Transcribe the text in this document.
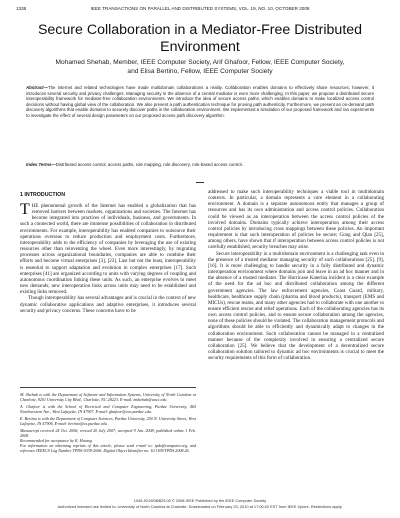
1338	IEEE TRANSACTIONS ON PARALLEL AND DISTRIBUTED SYSTEMS, VOL. 19, NO. 10, OCTOBER 2008
Secure Collaboration in a Mediator-Free Distributed Environment
Mohamed Shehab, Member, IEEE Computer Society, Arif Ghafoor, Fellow, IEEE Computer Society,
and Elisa Bertino, Fellow, IEEE Computer Society
Abstract—The internet and related technologies have made multidomain collaborations a reality. Collaboration enables domains to effectively share resources; however, it introduces several security and privacy challenges. Managing security in the absence of a central mediator is even more challenging. In this paper, we propose a distributed secure interoperability framework for mediator-free collaboration environments. We introduce the idea of secure access paths, which enables domains to make localized access control decisions without having global view of the collaboration. We also present a path authentication technique for proving path authenticity. Furthermore, we present an on-demand path discovery algorithms that enable domains to securely discover paths in the collaboration environment. We implemented a simulation of our proposed framework and ran experiments to investigate the effect of several design parameters on our proposed access path discovery algorithm.
Index Terms—Distributed access control, access paths, role mapping, role discovery, role-based access control.
1 INTRODUCTION

THE phenomenal growth of the Internet has enabled a globalization that has removed barriers between markets, organizations and societies. The Internet has become integrated into practices of individuals, business, and governments. In such a connected world, there are immense possibilities of collaboration in distributed environments. For example, interoperability has enabled companies to outsource their operations overseas to reduce production and employment costs. Furthermore, interoperability adds to the efficiency of companies by leveraging the use of existing resources other than reinventing the wheel. Even more interestingly, by migrating processes across organizational boundaries, companies are able to combine their efforts and become virtual enterprises [3], [23]. Last but not the least, interoperability is essential to support adaptation and evolution in complex enterprises [17]. Such enterprises [41] are organized according to units with varying degrees of coupling and autonomous coordination linking these units. As such, an enterprise evolves to meet new demands; new interoperation links across units may need to be established and existing links removed.

Though interoperability has several advantages and is crucial in the context of new dynamic collaborative applications and adaptive enterprises, it introduces several security and privacy concerns. These concerns have to be

M. Shehab is with the Department of Software and Information Systems, University of North Carolina at Charlotte, 9201 University City Blvd., Charlotte, NC 28223. E-mail: mshehab@uncc.edu.

A. Ghafoor is with the School of Electrical and Computer Engineering, Purdue University, 465 Northwestern Ave., West Lafayette, IN 47907. E-mail: ghafoor@ecn.purdue.edu.

E. Bertino is with the Department of Computer Sciences, Purdue University, 250 N. University Street, West Lafayette, IN 47906. E-mail: bertino@cs.purdue.edu.

Manuscript received 24 Oct. 2006; revised 20 July 2007; accepted 9 Jan. 2008; published online 1 Feb. 2008.

Recommended for acceptance by K. Hwang.

For information on obtaining reprints of this article, please send e-mail to: tpds@computer.org, and reference IEEECS Log Number TPDS-0339-2006. Digital Object Identifier no. 10.1109/TPDS.2008.26.

addressed to make such interoperability techniques a viable tool in multidomain contexts. In particular, a domain represents a core element in a collaborating environment. A domain is a separate autonomous entity that manages a group of resources and has its own administration and access control policies. Collaboration could be viewed as an interoperation between the access control policies of the involved domains. Domains typically achieve interoperation among their access control policies by introducing cross mappings between these policies. An important requirement is that such interoperation of policies be secure; Gong and Qian [25], among others, have shown that if interoperation between access control policies is not carefully established, security breaches may arise.

Secure interoperability in a multidomain environment is a challenging task even in the presence of a trusted mediator managing security of such collaborations [25], [9], [16]. It is more challenging to handle security in a fully distributed and dynamic interoperation environment where domains join and leave in an ad hoc manner and in the absence of a trusted mediator. The Hurricane Katerina incident is a clear example of the need for the ad hoc and distributed collaboration among the different government agencies. The law enforcement agencies, Coast Guard, military, healthcare, healthcare supply chain (pharma and blood products), transport (EMS and MICUs), rescue teams, and many other agencies had to collaborate with one another to ensure efficient rescue and relief operations. Each of the collaborating agencies has its own access control policies, and to ensure secure collaboration among the agencies, none of these policies should be violated. The collaboration management protocols and algorithms should be able to efficiently and dynamically adapt to changes in the collaboration environment. Such collaboration cannot be managed in a centralized manner because of the complexity involved in ensuring a centralized secure collaboration [25]. We believe that the development of a decentralized secure collaboration solution tailored to dynamic ad hoc environments is crucial to meet the security requirements of this form of collaboration.

1045-9219/08/$25.00 © 2008 IEEE Published by the IEEE Computer Society
Authorized licensed use limited to: University of North Carolina at Charlotte. Downloaded on February 23, 2010 at 17:00:02 EST from IEEE Xplore. Restrictions apply.
